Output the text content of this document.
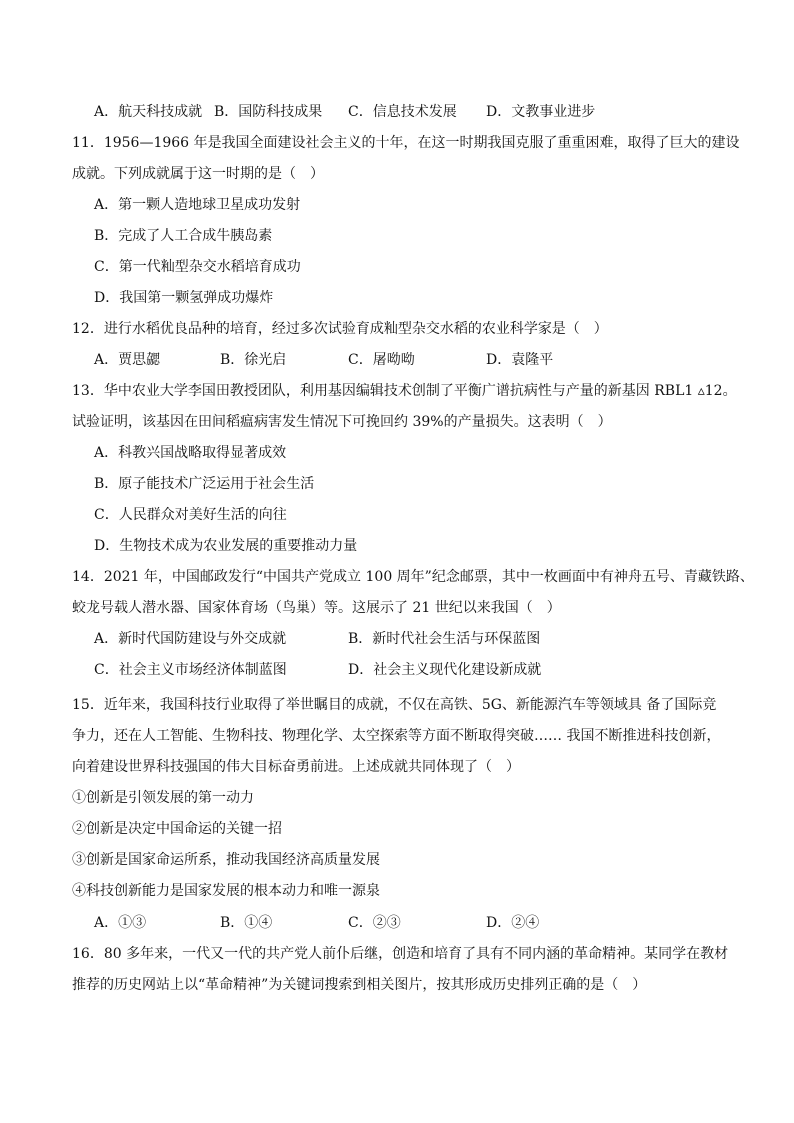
A．航天科技成就 B．国防科技成果 C．信息技术发展 D．文教事业进步
11．1956—1966 年是我国全面建设社会主义的十年，在这一时期我国克服了重重困难，取得了巨大的建设
成就。下列成就属于这一时期的是（　）
A．第一颗人造地球卫星成功发射
B．完成了人工合成牛胰岛素
C．第一代籼型杂交水稻培育成功
D．我国第一颗氢弹成功爆炸
12．进行水稻优良品种的培育，经过多次试验育成籼型杂交水稻的农业科学家是（　）
A．贾思勰	B．徐光启	C．屠呦呦	D．袁隆平
13．华中农业大学李国田教授团队，利用基因编辑技术创制了平衡广谱抗病性与产量的新基因 RBL1 ▵12。
试验证明，该基因在田间稻瘟病害发生情况下可挽回约 39%的产量损失。这表明（　）
A．科教兴国战略取得显著成效
B．原子能技术广泛运用于社会生活
C．人民群众对美好生活的向往
D．生物技术成为农业发展的重要推动力量
14．2021 年，中国邮政发行“中国共产党成立 100 周年”纪念邮票，其中一枚画面中有神舟五号、青藏铁路、
蛟龙号载人潜水器、国家体育场（鸟巢）等。这展示了 21 世纪以来我国（　）
A．新时代国防建设与外交成就	B．新时代社会生活与环保蓝图
C．社会主义市场经济体制蓝图	D．社会主义现代化建设新成就
15．近年来，我国科技行业取得了举世瞩目的成就，不仅在高铁、5G、新能源汽车等领域具 备了国际竞
争力，还在人工智能、生物科技、物理化学、太空探索等方面不断取得突破…… 我国不断推进科技创新，
向着建设世界科技强国的伟大目标奋勇前进。上述成就共同体现了（　）
①创新是引领发展的第一动力
②创新是决定中国命运的关键一招
③创新是国家命运所系，推动我国经济高质量发展
④科技创新能力是国家发展的根本动力和唯一源泉
A．①③	B．①④	C．②③	D．②④
16．80 多年来，一代又一代的共产党人前仆后继，创造和培育了具有不同内涵的革命精神。某同学在教材
推荐的历史网站上以“革命精神”为关键词搜索到相关图片，按其形成历史排列正确的是（　）
